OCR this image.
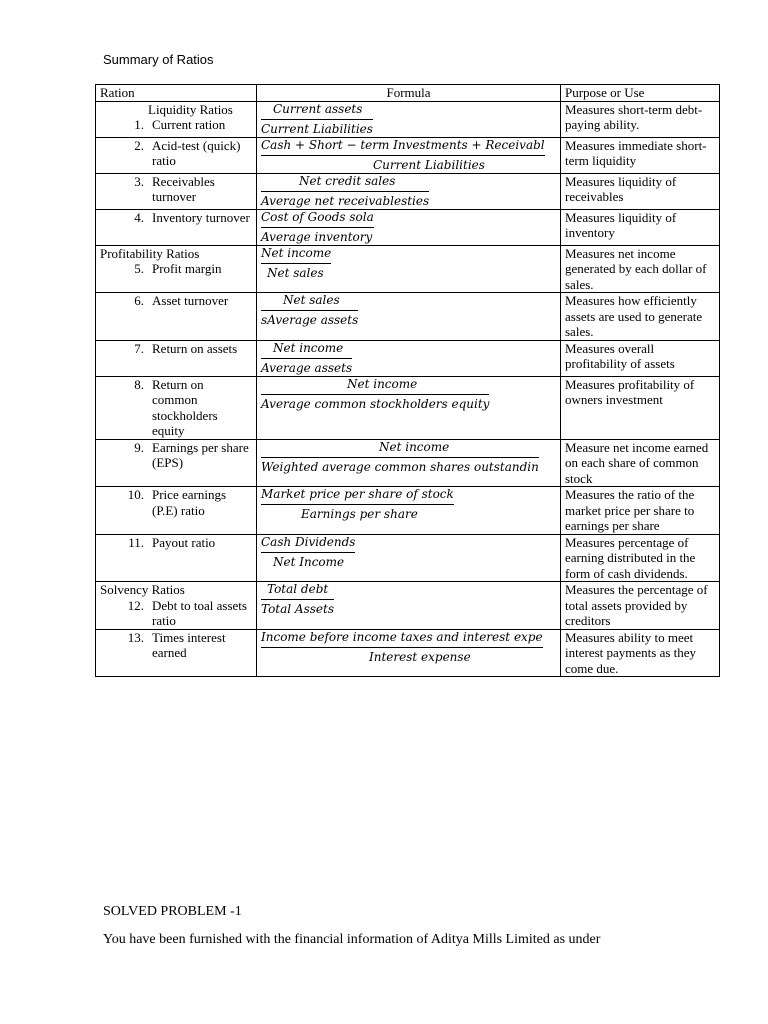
Summary of Ratios
Ration	Formula	Purpose or Use

Liquidity Ratios
1. Current ration	$\frac{\text{Current assets}}{\text{Current Liabilities}}$	Measures short-term debt-paying ability.

2. Acid-test (quick) ratio	$\frac{\text{Cash + Short − term Investments + Receivabl}}{\text{Current Liabilities}}$	Measures immediate short-term liquidity

3. Receivables turnover	$\frac{\text{Net credit sales}}{\text{Average net receivablesties}}$	Measures liquidity of receivables

4. Inventory turnover	$\frac{\text{Cost of Goods sola}}{\text{Average inventory}}$	Measures liquidity of inventory

Profitability Ratios
5. Profit margin	$\frac{\text{Net income}}{\text{Net sales}}$	Measures net income generated by each dollar of sales.

6. Asset turnover	$\frac{\text{Net sales}}{\text{sAverage assets}}$	Measures how efficiently assets are used to generate sales.

7. Return on assets	$\frac{\text{Net income}}{\text{Average assets}}$	Measures overall profitability of assets

8. Return on common stockholders equity	$\frac{\text{Net income}}{\text{Average common stockholders equity}}$	Measures profitability of owners investment

9. Earnings per share (EPS)	$\frac{\text{Net income}}{\text{Weighted average common shares outstandin}}$	Measure net income earned on each share of common stock

10. Price earnings (P.E) ratio	$\frac{\text{Market price per share of stock}}{\text{Earnings per share}}$	Measures the ratio of the market price per share to earnings per share

11. Payout ratio	$\frac{\text{Cash Dividends}}{\text{Net Income}}$	Measures percentage of earning distributed in the form of cash dividends.

Solvency Ratios
12. Debt to toal assets ratio	$\frac{\text{Total debt}}{\text{Total Assets}}$	Measures the percentage of total assets provided by creditors

13. Times interest earned	$\frac{\text{Income before income taxes and interest expe}}{\text{Interest expense}}$	Measures ability to meet interest payments as they come due.
SOLVED PROBLEM -1
You have been furnished with the financial information of Aditya Mills Limited as under
